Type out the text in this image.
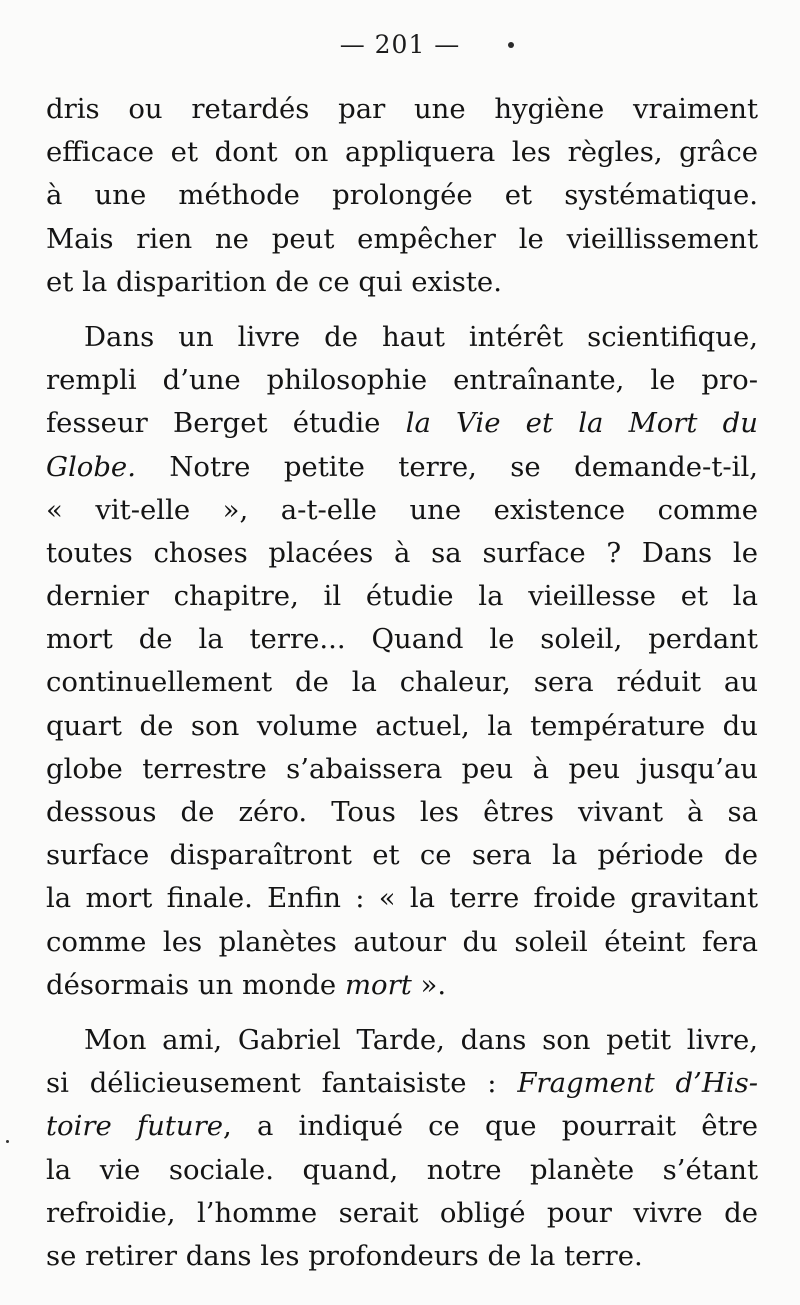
— 201 —
dris ou retardés par une hygiène vraiment
efficace et dont on appliquera les règles, grâce
à une méthode prolongée et systématique.
Mais rien ne peut empêcher le vieillissement
et la disparition de ce qui existe.
Dans un livre de haut intérêt scientifique,
rempli d’une philosophie entraînante, le pro-
fesseur Berget étudie la Vie et la Mort du
Globe. Notre petite terre, se demande-t-il,
« vit-elle », a-t-elle une existence comme
toutes choses placées à sa surface ? Dans le
dernier chapitre, il étudie la vieillesse et la
mort de la terre... Quand le soleil, perdant
continuellement de la chaleur, sera réduit au
quart de son volume actuel, la température du
globe terrestre s’abaissera peu à peu jusqu’au
dessous de zéro. Tous les êtres vivant à sa
surface disparaîtront et ce sera la période de
la mort finale. Enfin : « la terre froide gravitant
comme les planètes autour du soleil éteint fera
désormais un monde mort ».
Mon ami, Gabriel Tarde, dans son petit livre,
si délicieusement fantaisiste : Fragment d’His-
toire future, a indiqué ce que pourrait être
la vie sociale. quand, notre planète s’étant
refroidie, l’homme serait obligé pour vivre de
se retirer dans les profondeurs de la terre.
